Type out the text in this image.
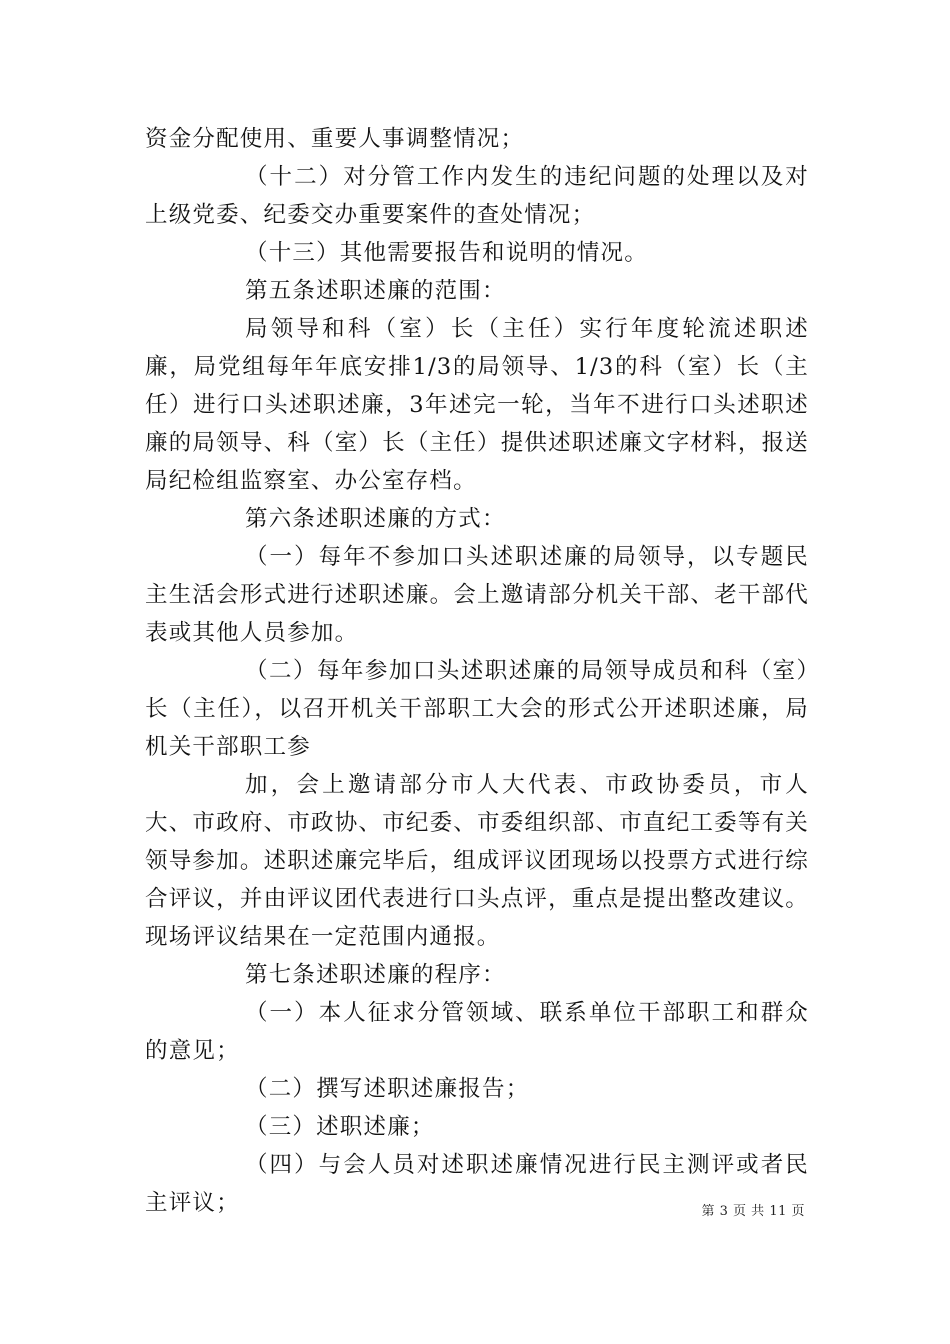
资金分配使用、重要人事调整情况；

（十二）对分管工作内发生的违纪问题的处理以及对上级党委、纪委交办重要案件的查处情况；

（十三）其他需要报告和说明的情况。

第五条述职述廉的范围：

局领导和科（室）长（主任）实行年度轮流述职述廉，局党组每年年底安排1/3的局领导、1/3的科（室）长（主任）进行口头述职述廉，3年述完一轮，当年不进行口头述职述廉的局领导、科（室）长（主任）提供述职述廉文字材料，报送局纪检组监察室、办公室存档。

第六条述职述廉的方式：

（一）每年不参加口头述职述廉的局领导，以专题民主生活会形式进行述职述廉。会上邀请部分机关干部、老干部代表或其他人员参加。

（二）每年参加口头述职述廉的局领导成员和科（室）长（主任），以召开机关干部职工大会的形式公开述职述廉，局机关干部职工参

加，会上邀请部分市人大代表、市政协委员，市人大、市政府、市政协、市纪委、市委组织部、市直纪工委等有关领导参加。述职述廉完毕后，组成评议团现场以投票方式进行综合评议，并由评议团代表进行口头点评，重点是提出整改建议。现场评议结果在一定范围内通报。

第七条述职述廉的程序：

（一）本人征求分管领域、联系单位干部职工和群众的意见；

（二）撰写述职述廉报告；

（三）述职述廉；

（四）与会人员对述职述廉情况进行民主测评或者民主评议；	第 3 页 共 11 页
